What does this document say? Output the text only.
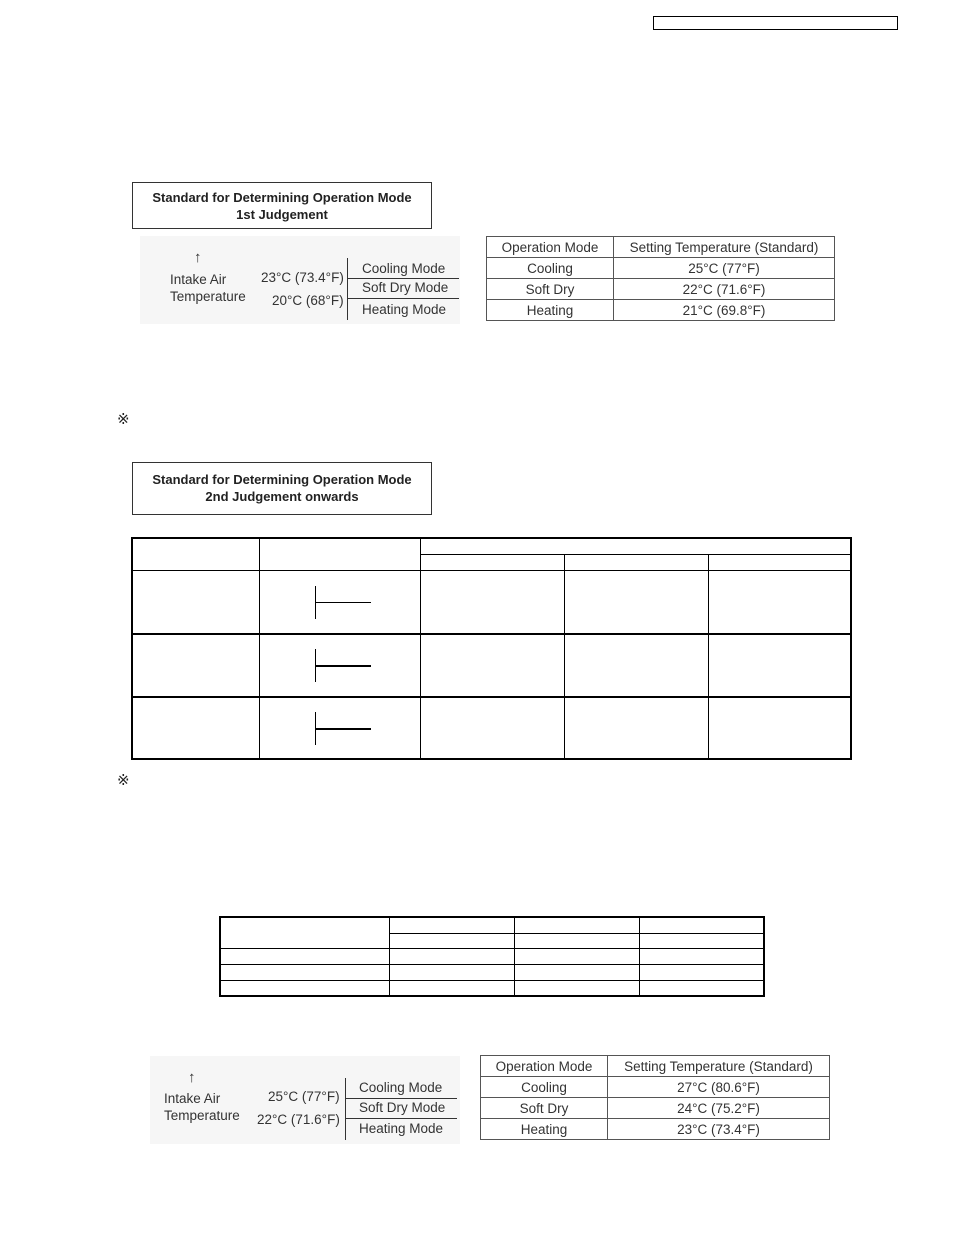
Standard for Determining Operation Mode
1st Judgement
↑
Intake Air
Temperature
23°C (73.4°F)
20°C (68°F)
Cooling Mode
Soft Dry Mode
Heating Mode
Operation Mode	Setting Temperature (Standard)
Cooling	25°C (77°F)
Soft Dry	22°C (71.6°F)
Heating	21°C (69.8°F)
※
Standard for Determining Operation Mode
2nd Judgement onwards
※
↑
Intake Air
Temperature
25°C (77°F)
22°C (71.6°F)
Cooling Mode
Soft Dry Mode
Heating Mode
Operation Mode	Setting Temperature (Standard)
Cooling	27°C (80.6°F)
Soft Dry	24°C (75.2°F)
Heating	23°C (73.4°F)
